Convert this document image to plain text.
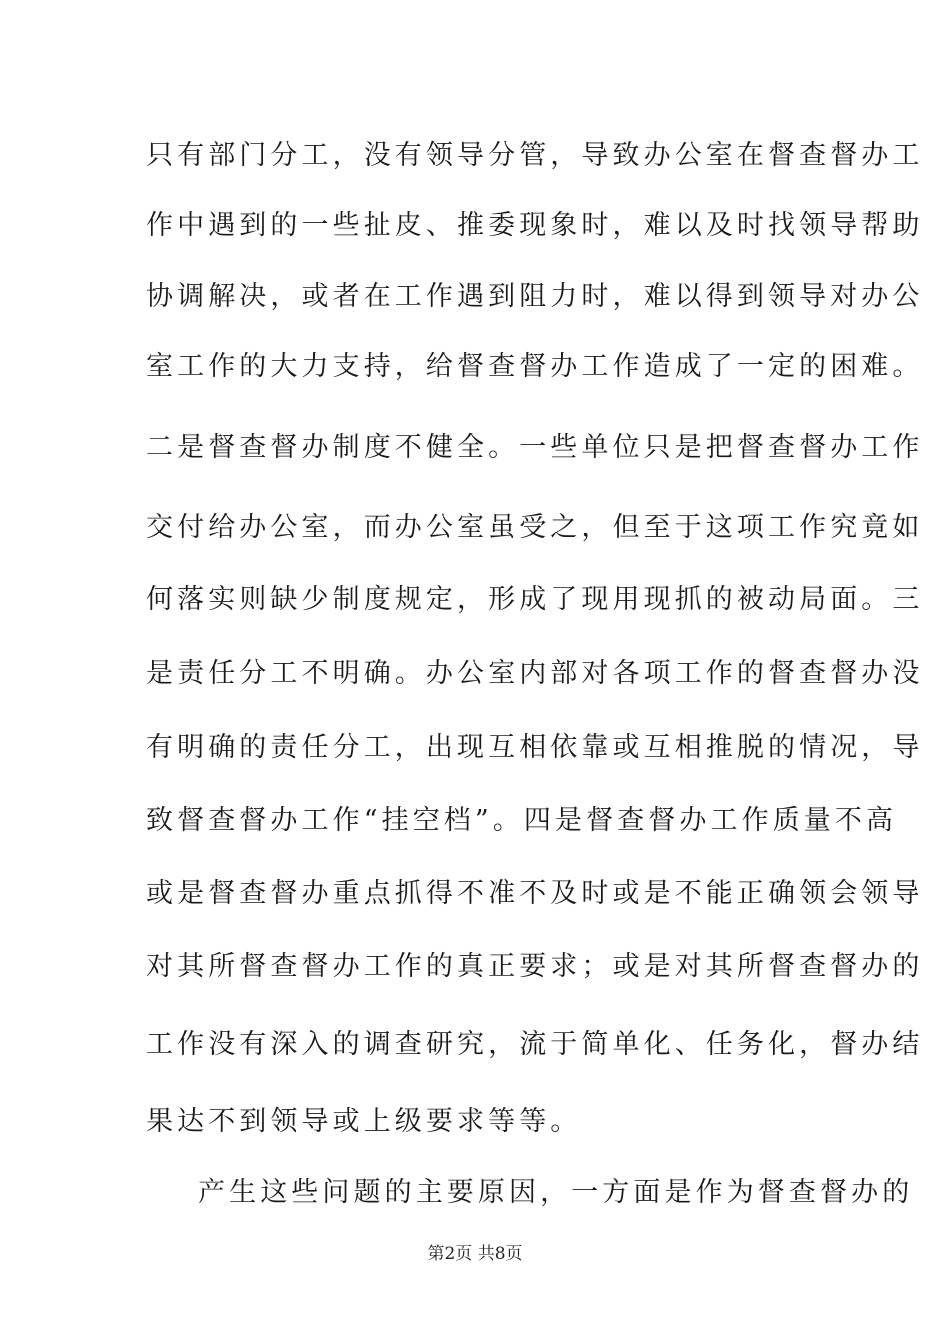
只有部门分工，没有领导分管，导致办公室在督查督办工
作中遇到的一些扯皮、推委现象时，难以及时找领导帮助
协调解决，或者在工作遇到阻力时，难以得到领导对办公
室工作的大力支持，给督查督办工作造成了一定的困难。
二是督查督办制度不健全。一些单位只是把督查督办工作
交付给办公室，而办公室虽受之，但至于这项工作究竟如
何落实则缺少制度规定，形成了现用现抓的被动局面。三
是责任分工不明确。办公室内部对各项工作的督查督办没
有明确的责任分工，出现互相依靠或互相推脱的情况，导
致督查督办工作“挂空档”。四是督查督办工作质量不高
或是督查督办重点抓得不准不及时或是不能正确领会领导
对其所督查督办工作的真正要求；或是对其所督查督办的
工作没有深入的调查研究，流于简单化、任务化，督办结
果达不到领导或上级要求等等。
产生这些问题的主要原因，一方面是作为督查督办的
第2页 共8页
